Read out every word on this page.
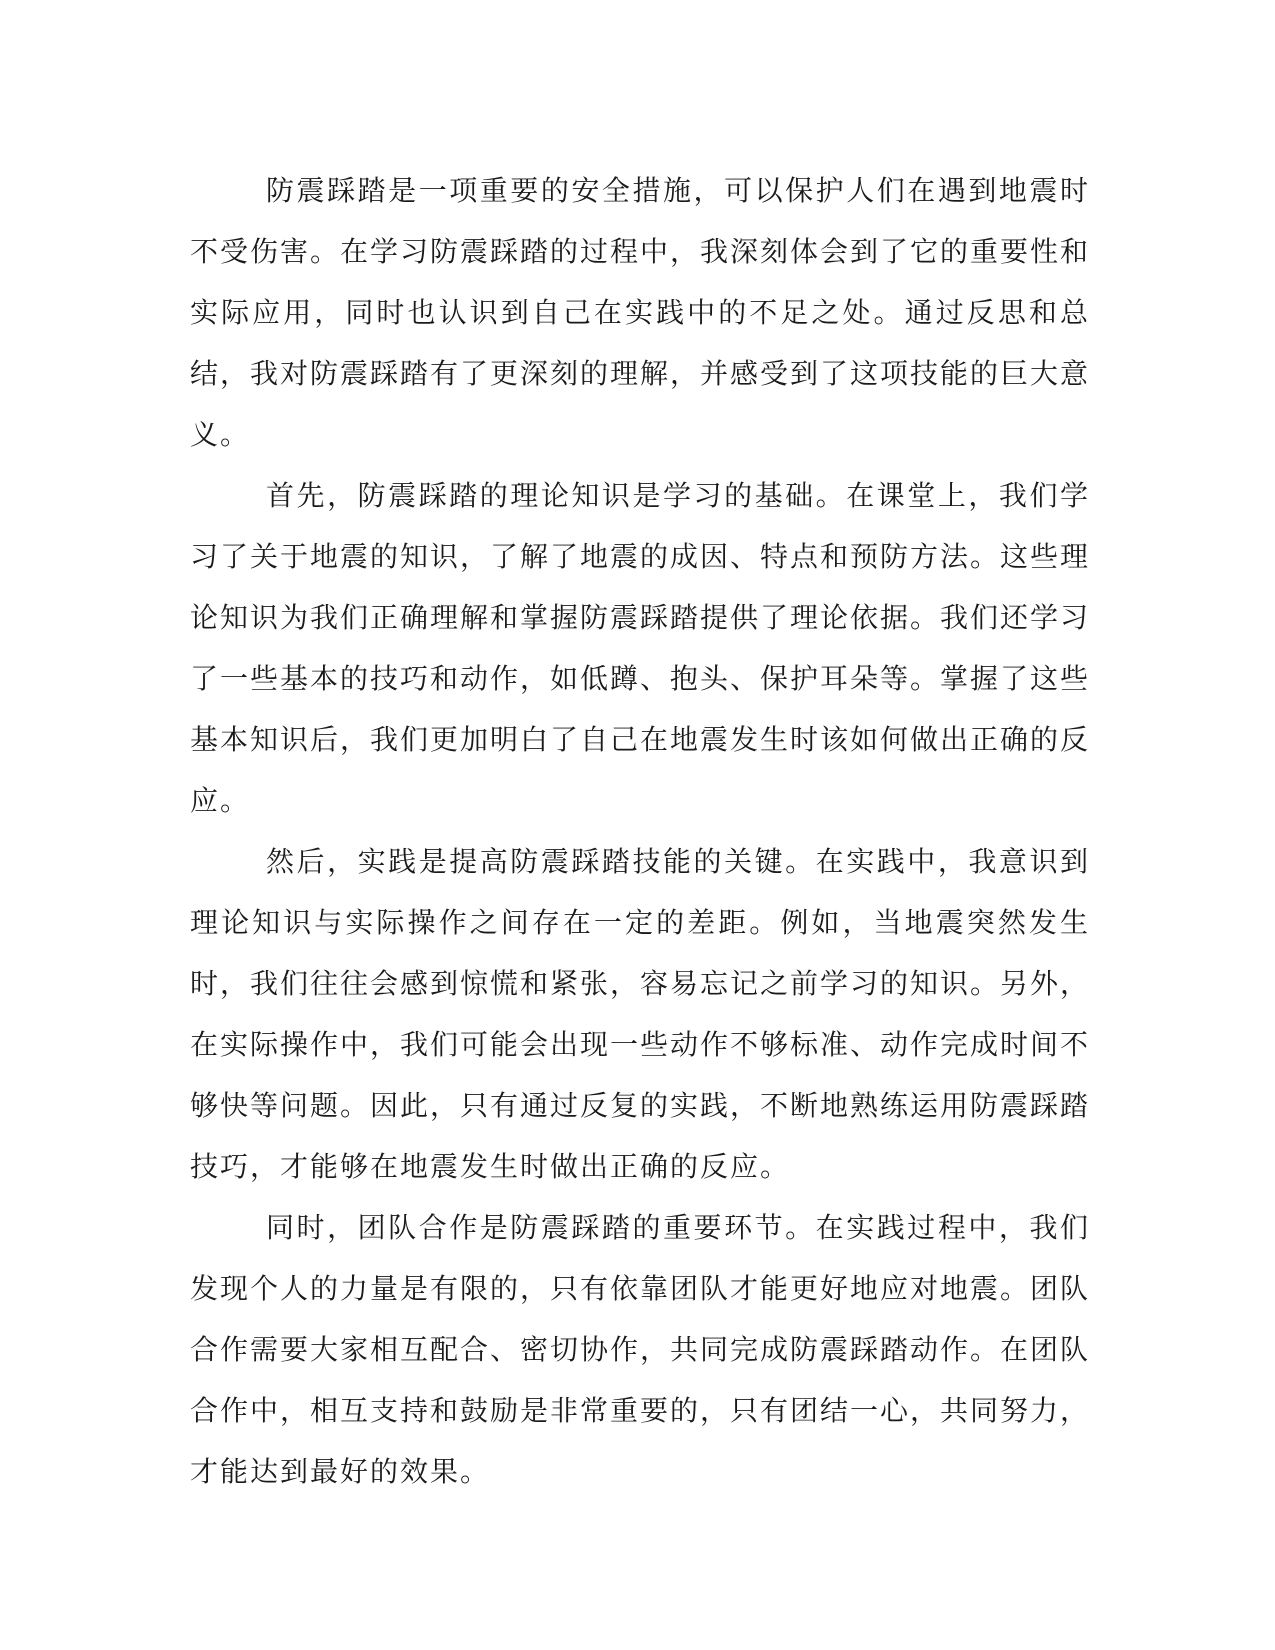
防震踩踏是一项重要的安全措施，可以保护人们在遇到地震时不受伤害。在学习防震踩踏的过程中，我深刻体会到了它的重要性和实际应用，同时也认识到自己在实践中的不足之处。通过反思和总结，我对防震踩踏有了更深刻的理解，并感受到了这项技能的巨大意义。

首先，防震踩踏的理论知识是学习的基础。在课堂上，我们学习了关于地震的知识，了解了地震的成因、特点和预防方法。这些理论知识为我们正确理解和掌握防震踩踏提供了理论依据。我们还学习了一些基本的技巧和动作，如低蹲、抱头、保护耳朵等。掌握了这些基本知识后，我们更加明白了自己在地震发生时该如何做出正确的反应。

然后，实践是提高防震踩踏技能的关键。在实践中，我意识到理论知识与实际操作之间存在一定的差距。例如，当地震突然发生时，我们往往会感到惊慌和紧张，容易忘记之前学习的知识。另外，在实际操作中，我们可能会出现一些动作不够标准、动作完成时间不够快等问题。因此，只有通过反复的实践，不断地熟练运用防震踩踏技巧，才能够在地震发生时做出正确的反应。

同时，团队合作是防震踩踏的重要环节。在实践过程中，我们发现个人的力量是有限的，只有依靠团队才能更好地应对地震。团队合作需要大家相互配合、密切协作，共同完成防震踩踏动作。在团队合作中，相互支持和鼓励是非常重要的，只有团结一心，共同努力，才能达到最好的效果。
